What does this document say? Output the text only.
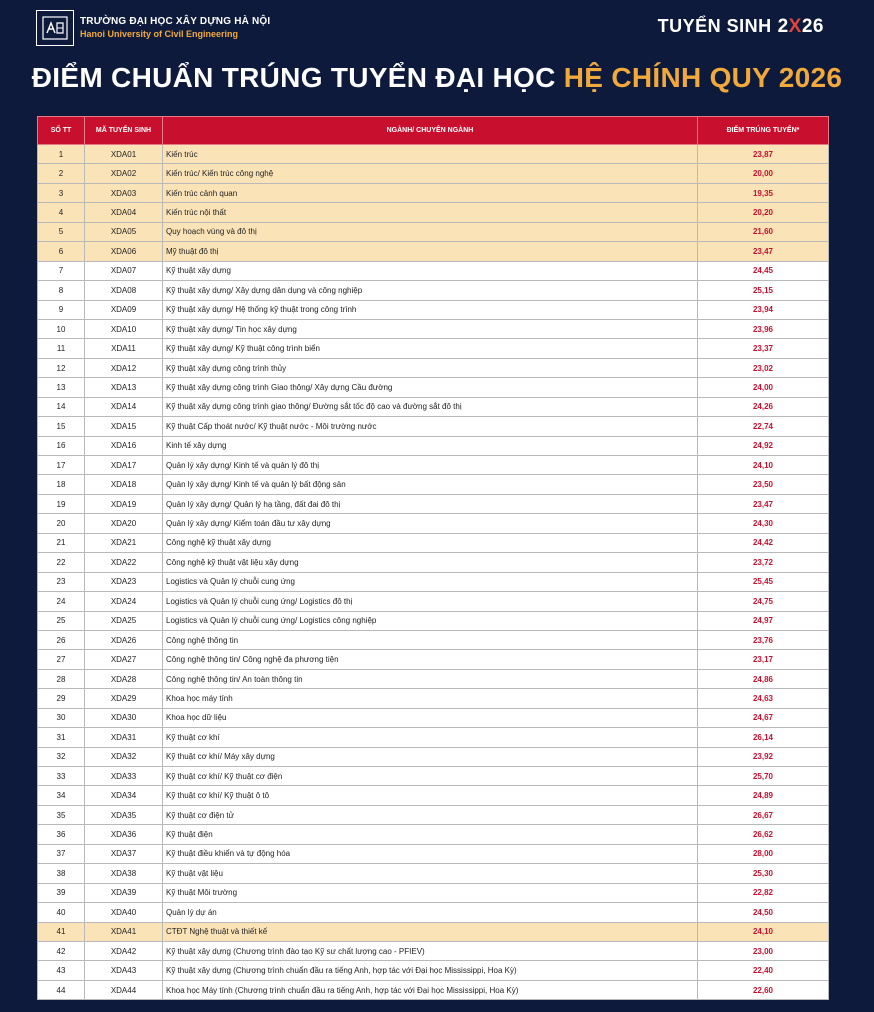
TRƯỜNG ĐẠI HỌC XÂY DỰNG HÀ NỘI
Hanoi University of Civil Engineering	TUYỂN SINH 2X26
ĐIỂM CHUẨN TRÚNG TUYỂN ĐẠI HỌC HỆ CHÍNH QUY 2026
SỐ TT	MÃ TUYỂN SINH	NGÀNH/ CHUYÊN NGÀNH	ĐIỂM TRÚNG TUYỂN*
1	XDA01	Kiến trúc	23,87
2	XDA02	Kiến trúc/ Kiến trúc công nghệ	20,00
3	XDA03	Kiến trúc cảnh quan	19,35
4	XDA04	Kiến trúc nội thất	20,20
5	XDA05	Quy hoạch vùng và đô thị	21,60
6	XDA06	Mỹ thuật đô thị	23,47
7	XDA07	Kỹ thuật xây dựng	24,45
8	XDA08	Kỹ thuật xây dựng/ Xây dựng dân dụng và công nghiệp	25,15
9	XDA09	Kỹ thuật xây dựng/ Hệ thống kỹ thuật trong công trình	23,94
10	XDA10	Kỹ thuật xây dựng/ Tin học xây dựng	23,96
11	XDA11	Kỹ thuật xây dựng/ Kỹ thuật công trình biển	23,37
12	XDA12	Kỹ thuật xây dựng công trình thủy	23,02
13	XDA13	Kỹ thuật xây dựng công trình Giao thông/ Xây dựng Cầu đường	24,00
14	XDA14	Kỹ thuật xây dựng công trình giao thông/ Đường sắt tốc độ cao và đường sắt đô thị	24,26
15	XDA15	Kỹ thuật Cấp thoát nước/ Kỹ thuật nước - Môi trường nước	22,74
16	XDA16	Kinh tế xây dựng	24,92
17	XDA17	Quản lý xây dựng/ Kinh tế và quản lý đô thị	24,10
18	XDA18	Quản lý xây dựng/ Kinh tế và quản lý bất động sản	23,50
19	XDA19	Quản lý xây dựng/ Quản lý hạ tầng, đất đai đô thị	23,47
20	XDA20	Quản lý xây dựng/ Kiểm toán đầu tư xây dựng	24,30
21	XDA21	Công nghệ kỹ thuật xây dựng	24,42
22	XDA22	Công nghệ kỹ thuật vật liệu xây dựng	23,72
23	XDA23	Logistics và Quản lý chuỗi cung ứng	25,45
24	XDA24	Logistics và Quản lý chuỗi cung ứng/ Logistics đô thị	24,75
25	XDA25	Logistics và Quản lý chuỗi cung ứng/ Logistics công nghiệp	24,97
26	XDA26	Công nghệ thông tin	23,76
27	XDA27	Công nghệ thông tin/ Công nghệ đa phương tiện	23,17
28	XDA28	Công nghệ thông tin/ An toàn thông tin	24,86
29	XDA29	Khoa học máy tính	24,63
30	XDA30	Khoa học dữ liệu	24,67
31	XDA31	Kỹ thuật cơ khí	26,14
32	XDA32	Kỹ thuật cơ khí/ Máy xây dựng	23,92
33	XDA33	Kỹ thuật cơ khí/ Kỹ thuật cơ điện	25,70
34	XDA34	Kỹ thuật cơ khí/ Kỹ thuật ô tô	24,89
35	XDA35	Kỹ thuật cơ điện tử	26,67
36	XDA36	Kỹ thuật điện	26,62
37	XDA37	Kỹ thuật điều khiển và tự động hóa	28,00
38	XDA38	Kỹ thuật vật liệu	25,30
39	XDA39	Kỹ thuật Môi trường	22,82
40	XDA40	Quản lý dự án	24,50
41	XDA41	CTĐT Nghệ thuật và thiết kế	24,10
42	XDA42	Kỹ thuật xây dựng (Chương trình đào tạo Kỹ sư chất lượng cao - PFIEV)	23,00
43	XDA43	Kỹ thuật xây dựng (Chương trình chuẩn đầu ra tiếng Anh, hợp tác với Đại học Mississippi, Hoa Kỳ)	22,40
44	XDA44	Khoa học Máy tính (Chương trình chuẩn đầu ra tiếng Anh, hợp tác với Đại học Mississippi, Hoa Kỳ)	22,60
